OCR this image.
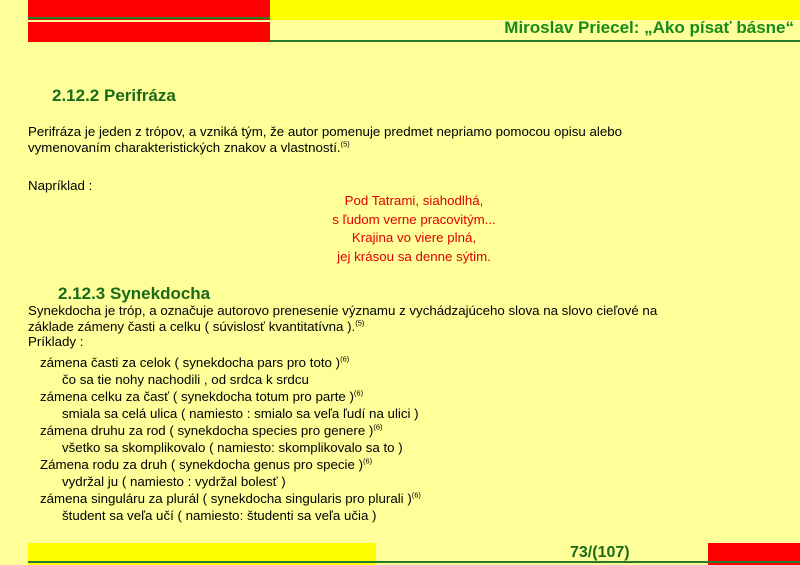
Miroslav Priecel: „Ako písať básne“
2.12.2 Perifráza
Perifráza je jeden z trópov, a vzniká tým, že autor pomenuje predmet nepriamo pomocou opisu alebo
vymenovaním charakteristických znakov a vlastností.$^{(5)}$
Napríklad :
Pod Tatrami, siahodlhá,
s ľudom verne pracovitým...
Krajina vo viere plná,
jej krásou sa denne sýtim.
2.12.3 Synekdocha
Synekdocha je tróp, a označuje autorovo prenesenie významu z vychádzajúceho slova na slovo cieľové na
základe zámeny časti a celku ( súvislosť kvantitatívna ).$^{(5)}$
Príklady :
zámena časti za celok ( synekdocha pars pro toto )$^{(6)}$
čo sa tie nohy nachodili , od srdca k srdcu
zámena celku za časť ( synekdocha totum pro parte )$^{(6)}$
smiala sa celá ulica ( namiesto : smialo sa veľa ľudí na ulici )
zámena druhu za rod ( synekdocha species pro genere )$^{(6)}$
všetko sa skomplikovalo ( namiesto: skomplikovalo sa to )
Zámena rodu za druh ( synekdocha genus pro specie )$^{(6)}$
vydržal ju ( namiesto : vydržal bolesť )
zámena singuláru za plurál ( synekdocha singularis pro plurali )$^{(6)}$
študent sa veľa učí ( namiesto: študenti sa veľa učia )
73/(107)
